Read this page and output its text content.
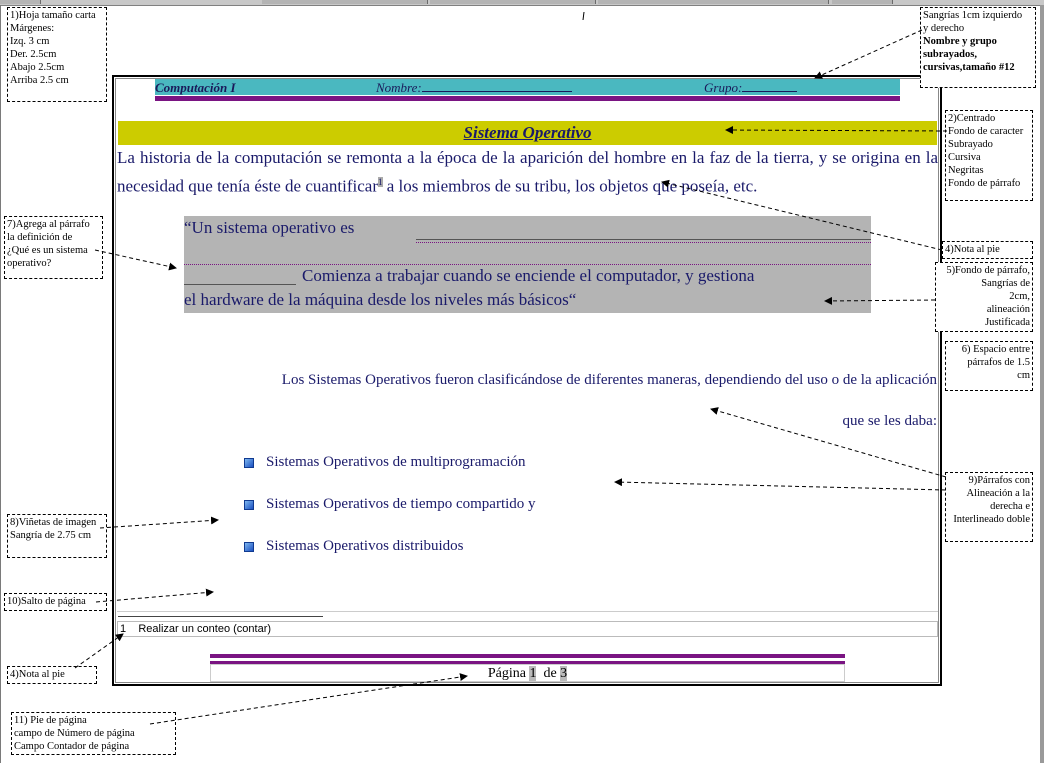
Computación I	Nombre:	Grupo:
Sistema Operativo
La historia de la computación se remonta a la época de la aparición del hombre en la faz de la tierra, y se origina en la necesidad que tenía éste de cuantificar$^1$ a los miembros de su tribu, los objetos que poseía, etc.
“Un sistema operativo es
Comienza a trabajar cuando se enciende el computador, y gestiona
el hardware de la máquina desde los niveles más básicos“
Los Sistemas Operativos fueron clasificándose de diferentes maneras, dependiendo del uso o de la aplicación
que se les daba:
Sistemas Operativos de multiprogramación
Sistemas Operativos de tiempo compartido y
Sistemas Operativos distribuidos
1 Realizar un conteo (contar)
Página 1 de 3
1)Hoja tamaño carta
Márgenes:
Izq. 3 cm
Der. 2.5cm
Abajo 2.5cm
Arriba 2.5 cm
Sangrías 1cm izquierdo
y derecho
Nombre y grupo
subrayados,
cursivas,tamaño #12
2)Centrado
Fondo de caracter
Subrayado
Cursiva
Negritas
Fondo de párrafo
7)Agrega al párrafo
la definición de
¿Qué es un sistema
operativo?
4)Nota al pie
5)Fondo de párrafo,
Sangrías de
2cm,
alineación
Justificada
6) Espacio entre
párrafos de 1.5
cm
9)Párrafos con
Alineación a la
derecha e
Interlineado doble
8)Viñetas de imagen
Sangría de 2.75 cm
10)Salto de página
4)Nota al pie
11) Pie de página
campo de Número de página
Campo Contador de página
